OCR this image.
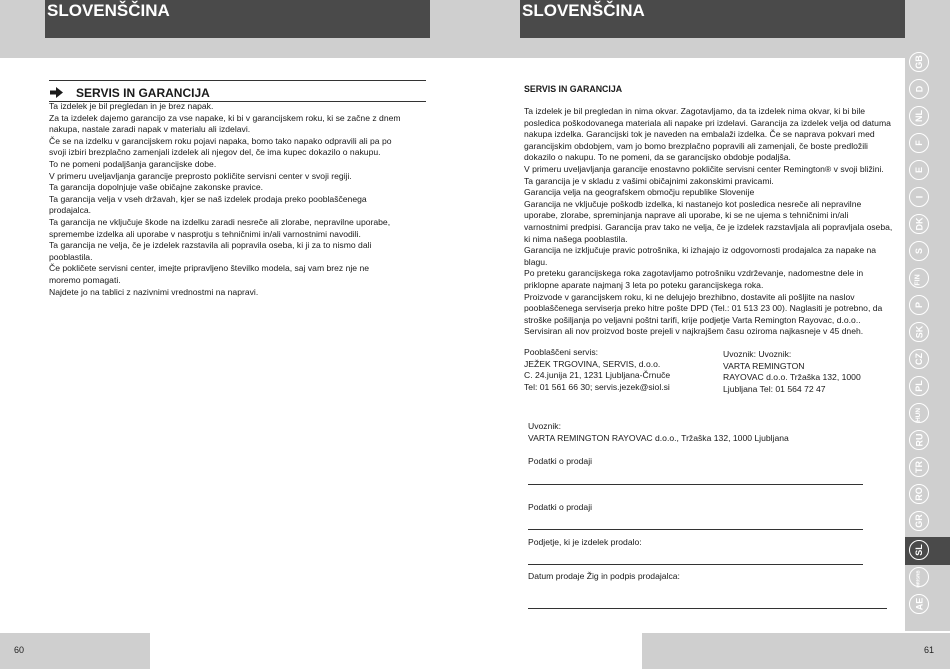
SLOVENŠČINA	SLOVENŠČINA
SERVIS IN GARANCIJA

Ta izdelek je bil pregledan in je brez napak.

Za ta izdelek dajemo garancijo za vse napake, ki bi v garancijskem roku, ki se začne z dnem

nakupa, nastale zaradi napak v materialu ali izdelavi.

Če se na izdelku v garancijskem roku pojavi napaka, bomo tako napako odpravili ali pa po

svoji izbiri brezplačno zamenjali izdelek ali njegov del, če ima kupec dokazilo o nakupu.

To ne pomeni podaljšanja garancijske dobe.

V primeru uveljavljanja garancije preprosto pokličite servisni center v svoji regiji.

Ta garancija dopolnjuje vaše običajne zakonske pravice.

Ta garancija velja v vseh državah, kjer se naš izdelek prodaja preko pooblaščenega

prodajalca.

Ta garancija ne vključuje škode na izdelku zaradi nesreče ali zlorabe, nepravilne uporabe,

spremembe izdelka ali uporabe v nasprotju s tehničnimi in/ali varnostnimi navodili.

Ta garancija ne velja, če je izdelek razstavila ali popravila oseba, ki ji za to nismo dali

pooblastila.

Če pokličete servisni center, imejte pripravljeno številko modela, saj vam brez nje ne

moremo pomagati.

Najdete jo na tablici z nazivnimi vrednostmi na napravi.

SERVIS IN GARANCIJA

Ta izdelek je bil pregledan in nima okvar. Zagotavljamo, da ta izdelek nima okvar, ki bi bile

posledica poškodovanega materiala ali napake pri izdelavi. Garancija za izdelek velja od datuma

nakupa izdelka. Garancijski tok je naveden na embalaži izdelka. Če se naprava pokvari med

garancijskim obdobjem, vam jo bomo brezplačno popravili ali zamenjali, če boste predložili

dokazilo o nakupu. To ne pomeni, da se garancijsko obdobje podaljša.

V primeru uveljavljanja garancije enostavno pokličite servisni center Remington® v svoji bližini.

Ta garancija je v skladu z vašimi običajnimi zakonskimi pravicami.

Garancija velja na geografskem območju republike Slovenije

Garancija ne vključuje poškodb izdelka, ki nastanejo kot posledica nesreče ali nepravilne

uporabe, zlorabe, spreminjanja naprave ali uporabe, ki se ne ujema s tehničnimi in/ali

varnostnimi predpisi. Garancija prav tako ne velja, če je izdelek razstavljala ali popravljala oseba,

ki nima našega pooblastila.

Garancija ne izključuje pravic potrošnika, ki izhajajo iz odgovornosti prodajalca za napake na

blagu.

Po preteku garancijskega roka zagotavljamo potrošniku vzdrževanje, nadomestne dele in

priklopne aparate najmanj 3 leta po poteku garancijskega roka.

Proizvode v garancijskem roku, ki ne delujejo brezhibno, dostavite ali pošljite na naslov

pooblaščenega serviserja preko hitre pošte DPD (Tel.: 01 513 23 00). Naglasiti je potrebno, da

stroške pošiljanja po veljavni poštni tarifi, krije podjetje Varta Remington Rayovac, d.o.o..

Servisiran ali nov proizvod boste prejeli v najkrajšem času oziroma najkasneje v 45 dneh.

Pooblaščeni servis:

JEŽEK TRGOVINA, SERVIS, d.o.o.

C. 24.junija 21, 1231 Ljubljana-Črnuče

Tel: 01 561 66 30; servis.jezek@siol.si

Uvoznik: Uvoznik:

VARTA REMINGTON

RAYOVAC d.o.o. Tržaška 132, 1000

Ljubljana Tel: 01 564 72 47

Uvoznik:
VARTA REMINGTON RAYOVAC d.o.o., Tržaška 132, 1000 Ljubljana
Podatki o prodaji
Podatki o prodaji
Podjetje, ki je izdelek prodalo:
Datum prodaje Žig in podpis prodajalca:
GB
D
NL
F
E
I
DK
S
FIN
P
SK
CZ
PL
HUN
RU
TR
RO
GR
SL
HR/SRB
AE
60	61
